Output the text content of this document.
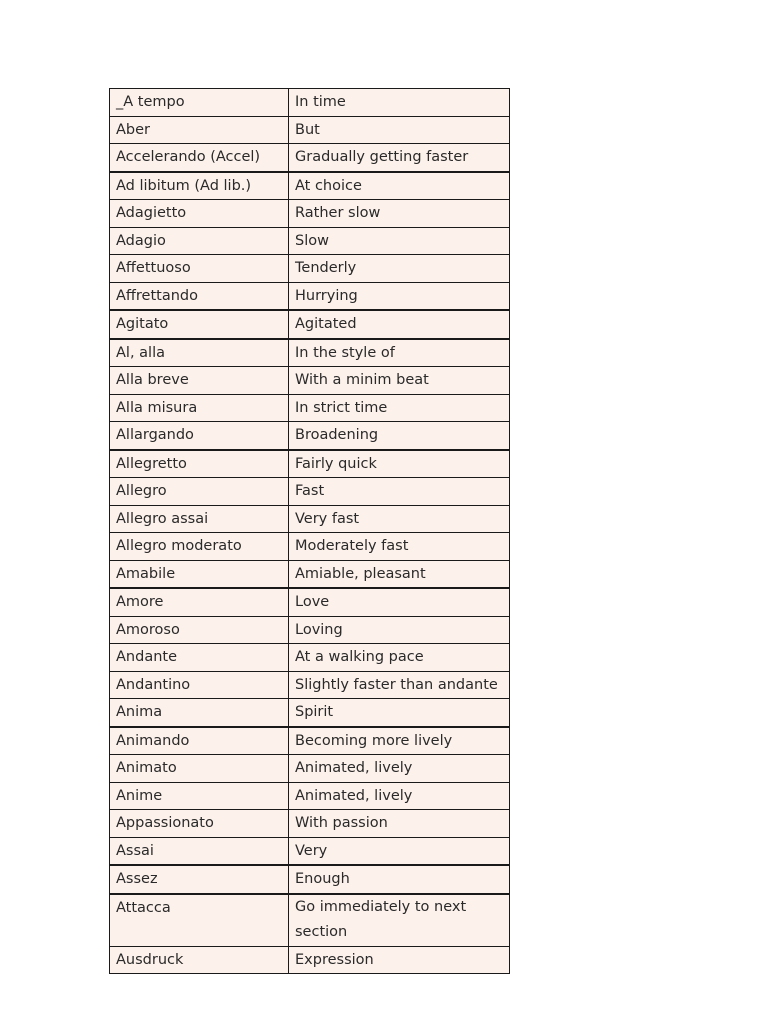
_A tempo	In time
Aber	But
Accelerando (Accel)	Gradually getting faster
Ad libitum (Ad lib.)	At choice
Adagietto	Rather slow
Adagio	Slow
Affettuoso	Tenderly
Affrettando	Hurrying
Agitato	Agitated
Al, alla	In the style of
Alla breve	With a minim beat
Alla misura	In strict time
Allargando	Broadening
Allegretto	Fairly quick
Allegro	Fast
Allegro assai	Very fast
Allegro moderato	Moderately fast
Amabile	Amiable, pleasant
Amore	Love
Amoroso	Loving
Andante	At a walking pace
Andantino	Slightly faster than andante
Anima	Spirit
Animando	Becoming more lively
Animato	Animated, lively
Anime	Animated, lively
Appassionato	With passion
Assai	Very
Assez	Enough
Attacca	Go immediately to next section
Ausdruck	Expression
